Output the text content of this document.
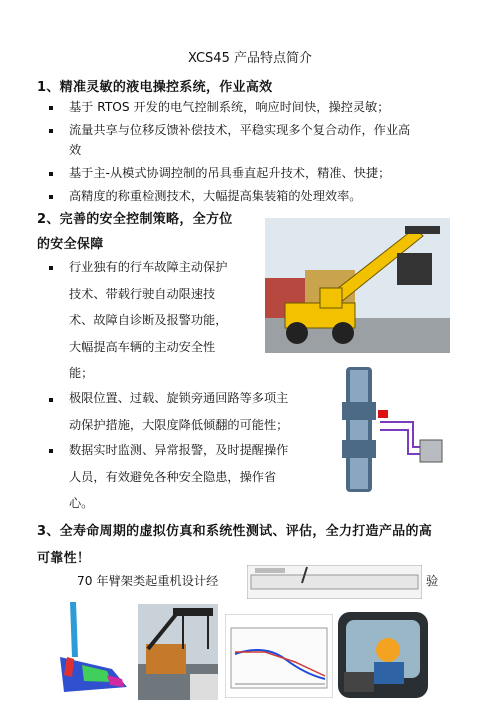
XCS45 产品特点简介
1、精准灵敏的液电操控系统，作业高效
基于 RTOS 开发的电气控制系统，响应时间快，操控灵敏；
流量共享与位移反馈补偿技术，平稳实现多个复合动作，作业高
效
基于主-从模式协调控制的吊具垂直起升技术，精准、快捷；
高精度的称重检测技术，大幅提高集装箱的处理效率。
2、完善的安全控制策略，全方位
的安全保障
行业独有的行车故障主动保护
技术、带载行驶自动限速技
术、故障自诊断及报警功能，
大幅提高车辆的主动安全性
能；
极限位置、过载、旋锁旁通回路等多项主
动保护措施，大限度降低倾翻的可能性；
数据实时监测、异常报警，及时提醒操作
人员，有效避免各种安全隐患，操作省
心。
3、全寿命周期的虚拟仿真和系统性测试、评估，全力打造产品的高
可靠性！
70 年臂架类起重机设计经	验
